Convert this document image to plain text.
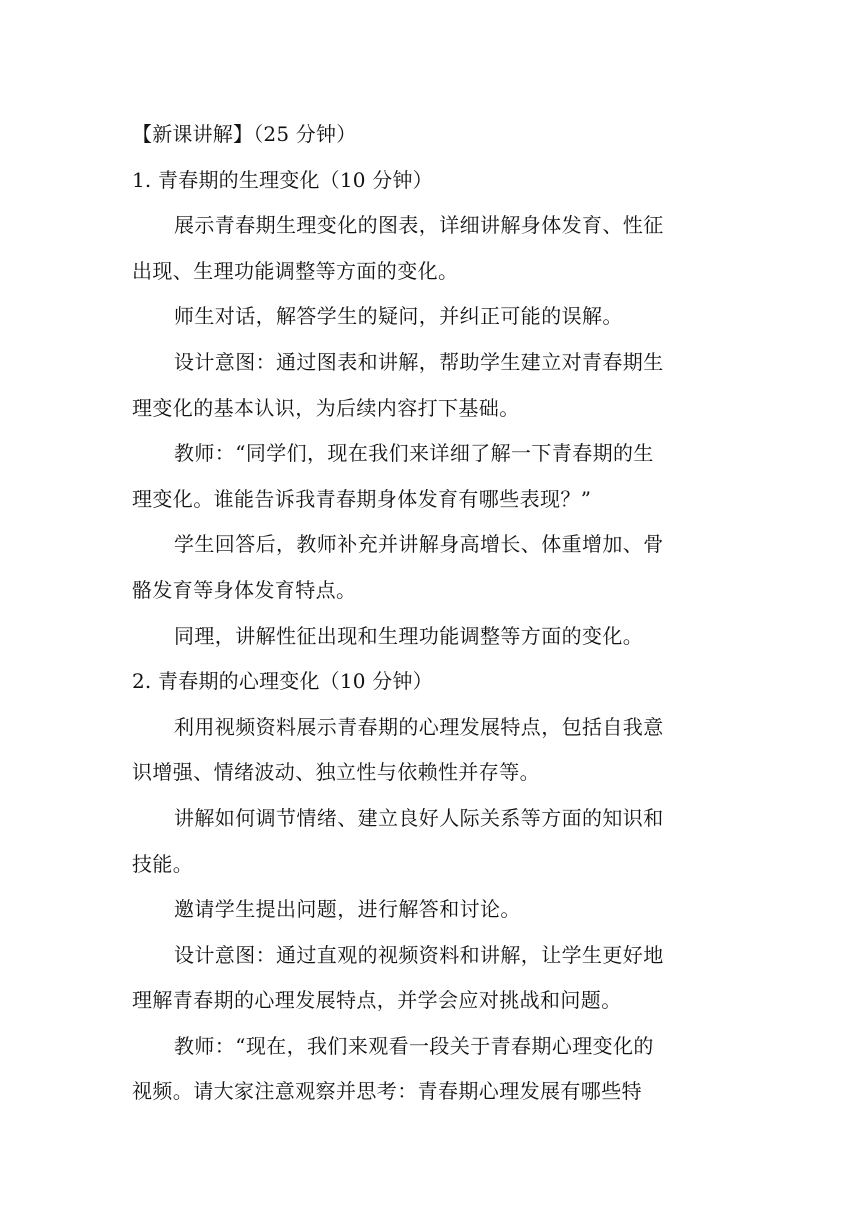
【新课讲解】（25 分钟）
1. 青春期的生理变化（10 分钟）
展示青春期生理变化的图表，详细讲解身体发育、性征
出现、生理功能调整等方面的变化。
师生对话，解答学生的疑问，并纠正可能的误解。
设计意图：通过图表和讲解，帮助学生建立对青春期生
理变化的基本认识，为后续内容打下基础。
教师：“同学们，现在我们来详细了解一下青春期的生
理变化。谁能告诉我青春期身体发育有哪些表现？”
学生回答后，教师补充并讲解身高增长、体重增加、骨
骼发育等身体发育特点。
同理，讲解性征出现和生理功能调整等方面的变化。
2. 青春期的心理变化（10 分钟）
利用视频资料展示青春期的心理发展特点，包括自我意
识增强、情绪波动、独立性与依赖性并存等。
讲解如何调节情绪、建立良好人际关系等方面的知识和
技能。
邀请学生提出问题，进行解答和讨论。
设计意图：通过直观的视频资料和讲解，让学生更好地
理解青春期的心理发展特点，并学会应对挑战和问题。
教师：“现在，我们来观看一段关于青春期心理变化的
视频。请大家注意观察并思考：青春期心理发展有哪些特
